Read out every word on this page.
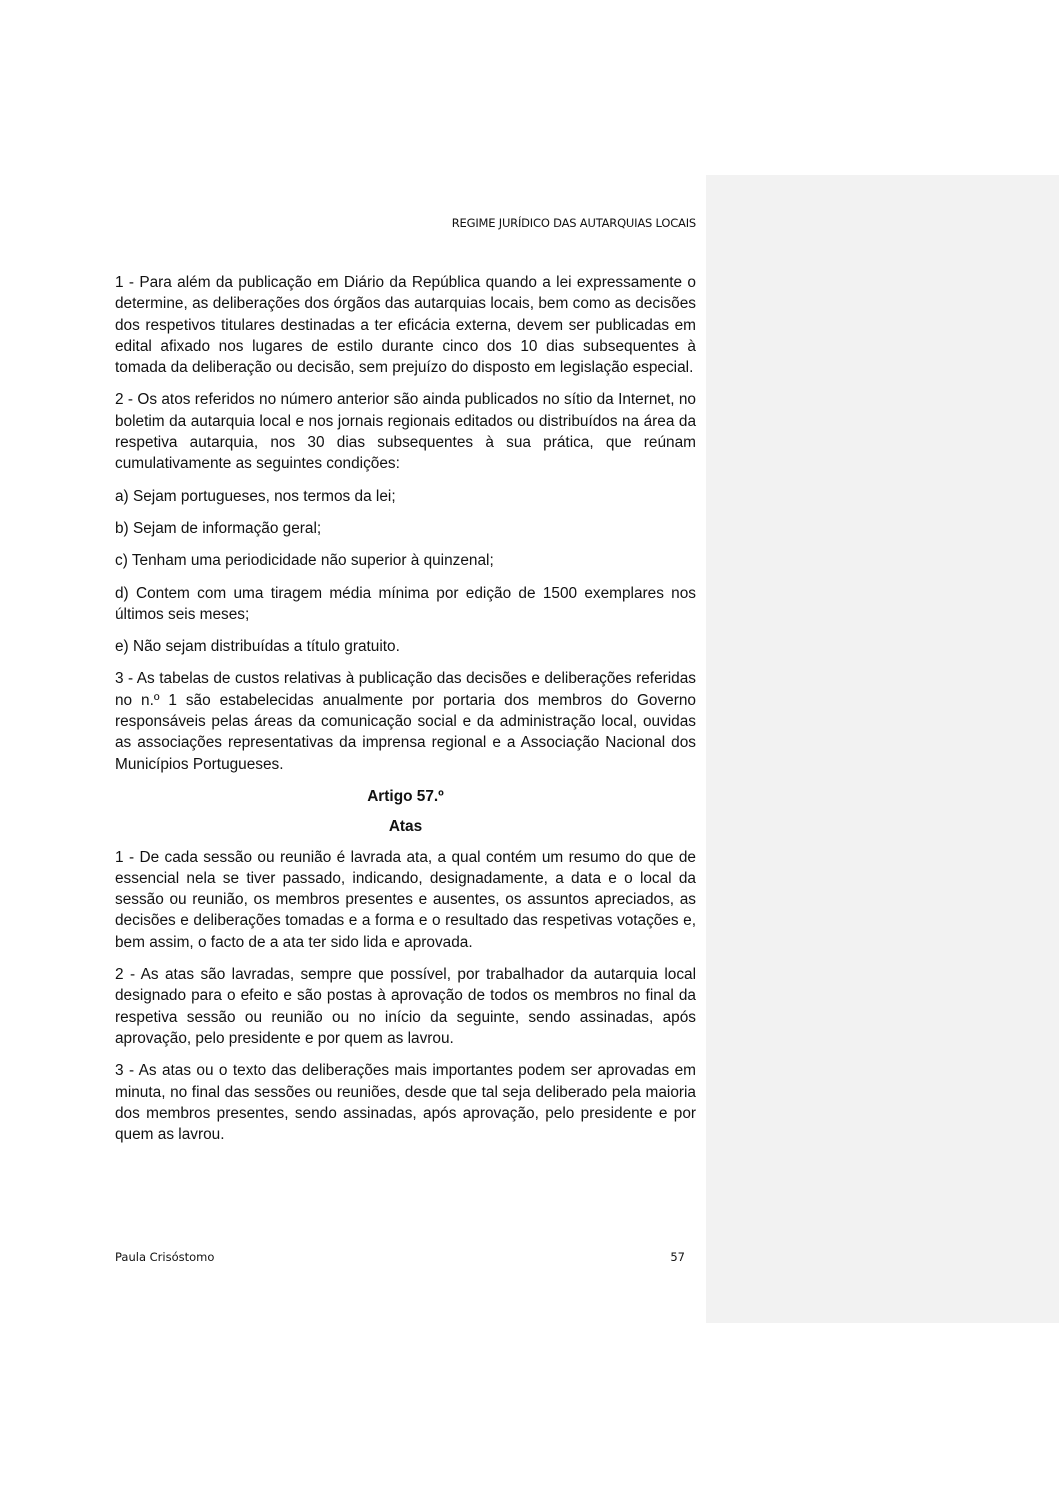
REGIME JURÍDICO DAS AUTARQUIAS LOCAIS

1 - Para além da publicação em Diário da República quando a lei expressamente o determine, as deliberações dos órgãos das autarquias locais, bem como as decisões dos respetivos titulares destinadas a ter eficácia externa, devem ser publicadas em edital afixado nos lugares de estilo durante cinco dos 10 dias subsequentes à tomada da deliberação ou decisão, sem prejuízo do disposto em legislação especial.

2 - Os atos referidos no número anterior são ainda publicados no sítio da Internet, no boletim da autarquia local e nos jornais regionais editados ou distribuídos na área da respetiva autarquia, nos 30 dias subsequentes à sua prática, que reúnam cumulativamente as seguintes condições:

a) Sejam portugueses, nos termos da lei;

b) Sejam de informação geral;

c) Tenham uma periodicidade não superior à quinzenal;

d) Contem com uma tiragem média mínima por edição de 1500 exemplares nos últimos seis meses;

e) Não sejam distribuídas a título gratuito.

3 - As tabelas de custos relativas à publicação das decisões e deliberações referidas no n.º 1 são estabelecidas anualmente por portaria dos membros do Governo responsáveis pelas áreas da comunicação social e da administração local, ouvidas as associações representativas da imprensa regional e a Associação Nacional dos Municípios Portugueses.

Artigo 57.º

Atas

1 - De cada sessão ou reunião é lavrada ata, a qual contém um resumo do que de essencial nela se tiver passado, indicando, designadamente, a data e o local da sessão ou reunião, os membros presentes e ausentes, os assuntos apreciados, as decisões e deliberações tomadas e a forma e o resultado das respetivas votações e, bem assim, o facto de a ata ter sido lida e aprovada.

2 - As atas são lavradas, sempre que possível, por trabalhador da autarquia local designado para o efeito e são postas à aprovação de todos os membros no final da respetiva sessão ou reunião ou no início da seguinte, sendo assinadas, após aprovação, pelo presidente e por quem as lavrou.

3 - As atas ou o texto das deliberações mais importantes podem ser aprovadas em minuta, no final das sessões ou reuniões, desde que tal seja deliberado pela maioria dos membros presentes, sendo assinadas, após aprovação, pelo presidente e por quem as lavrou.

Paula Crisóstomo	57
